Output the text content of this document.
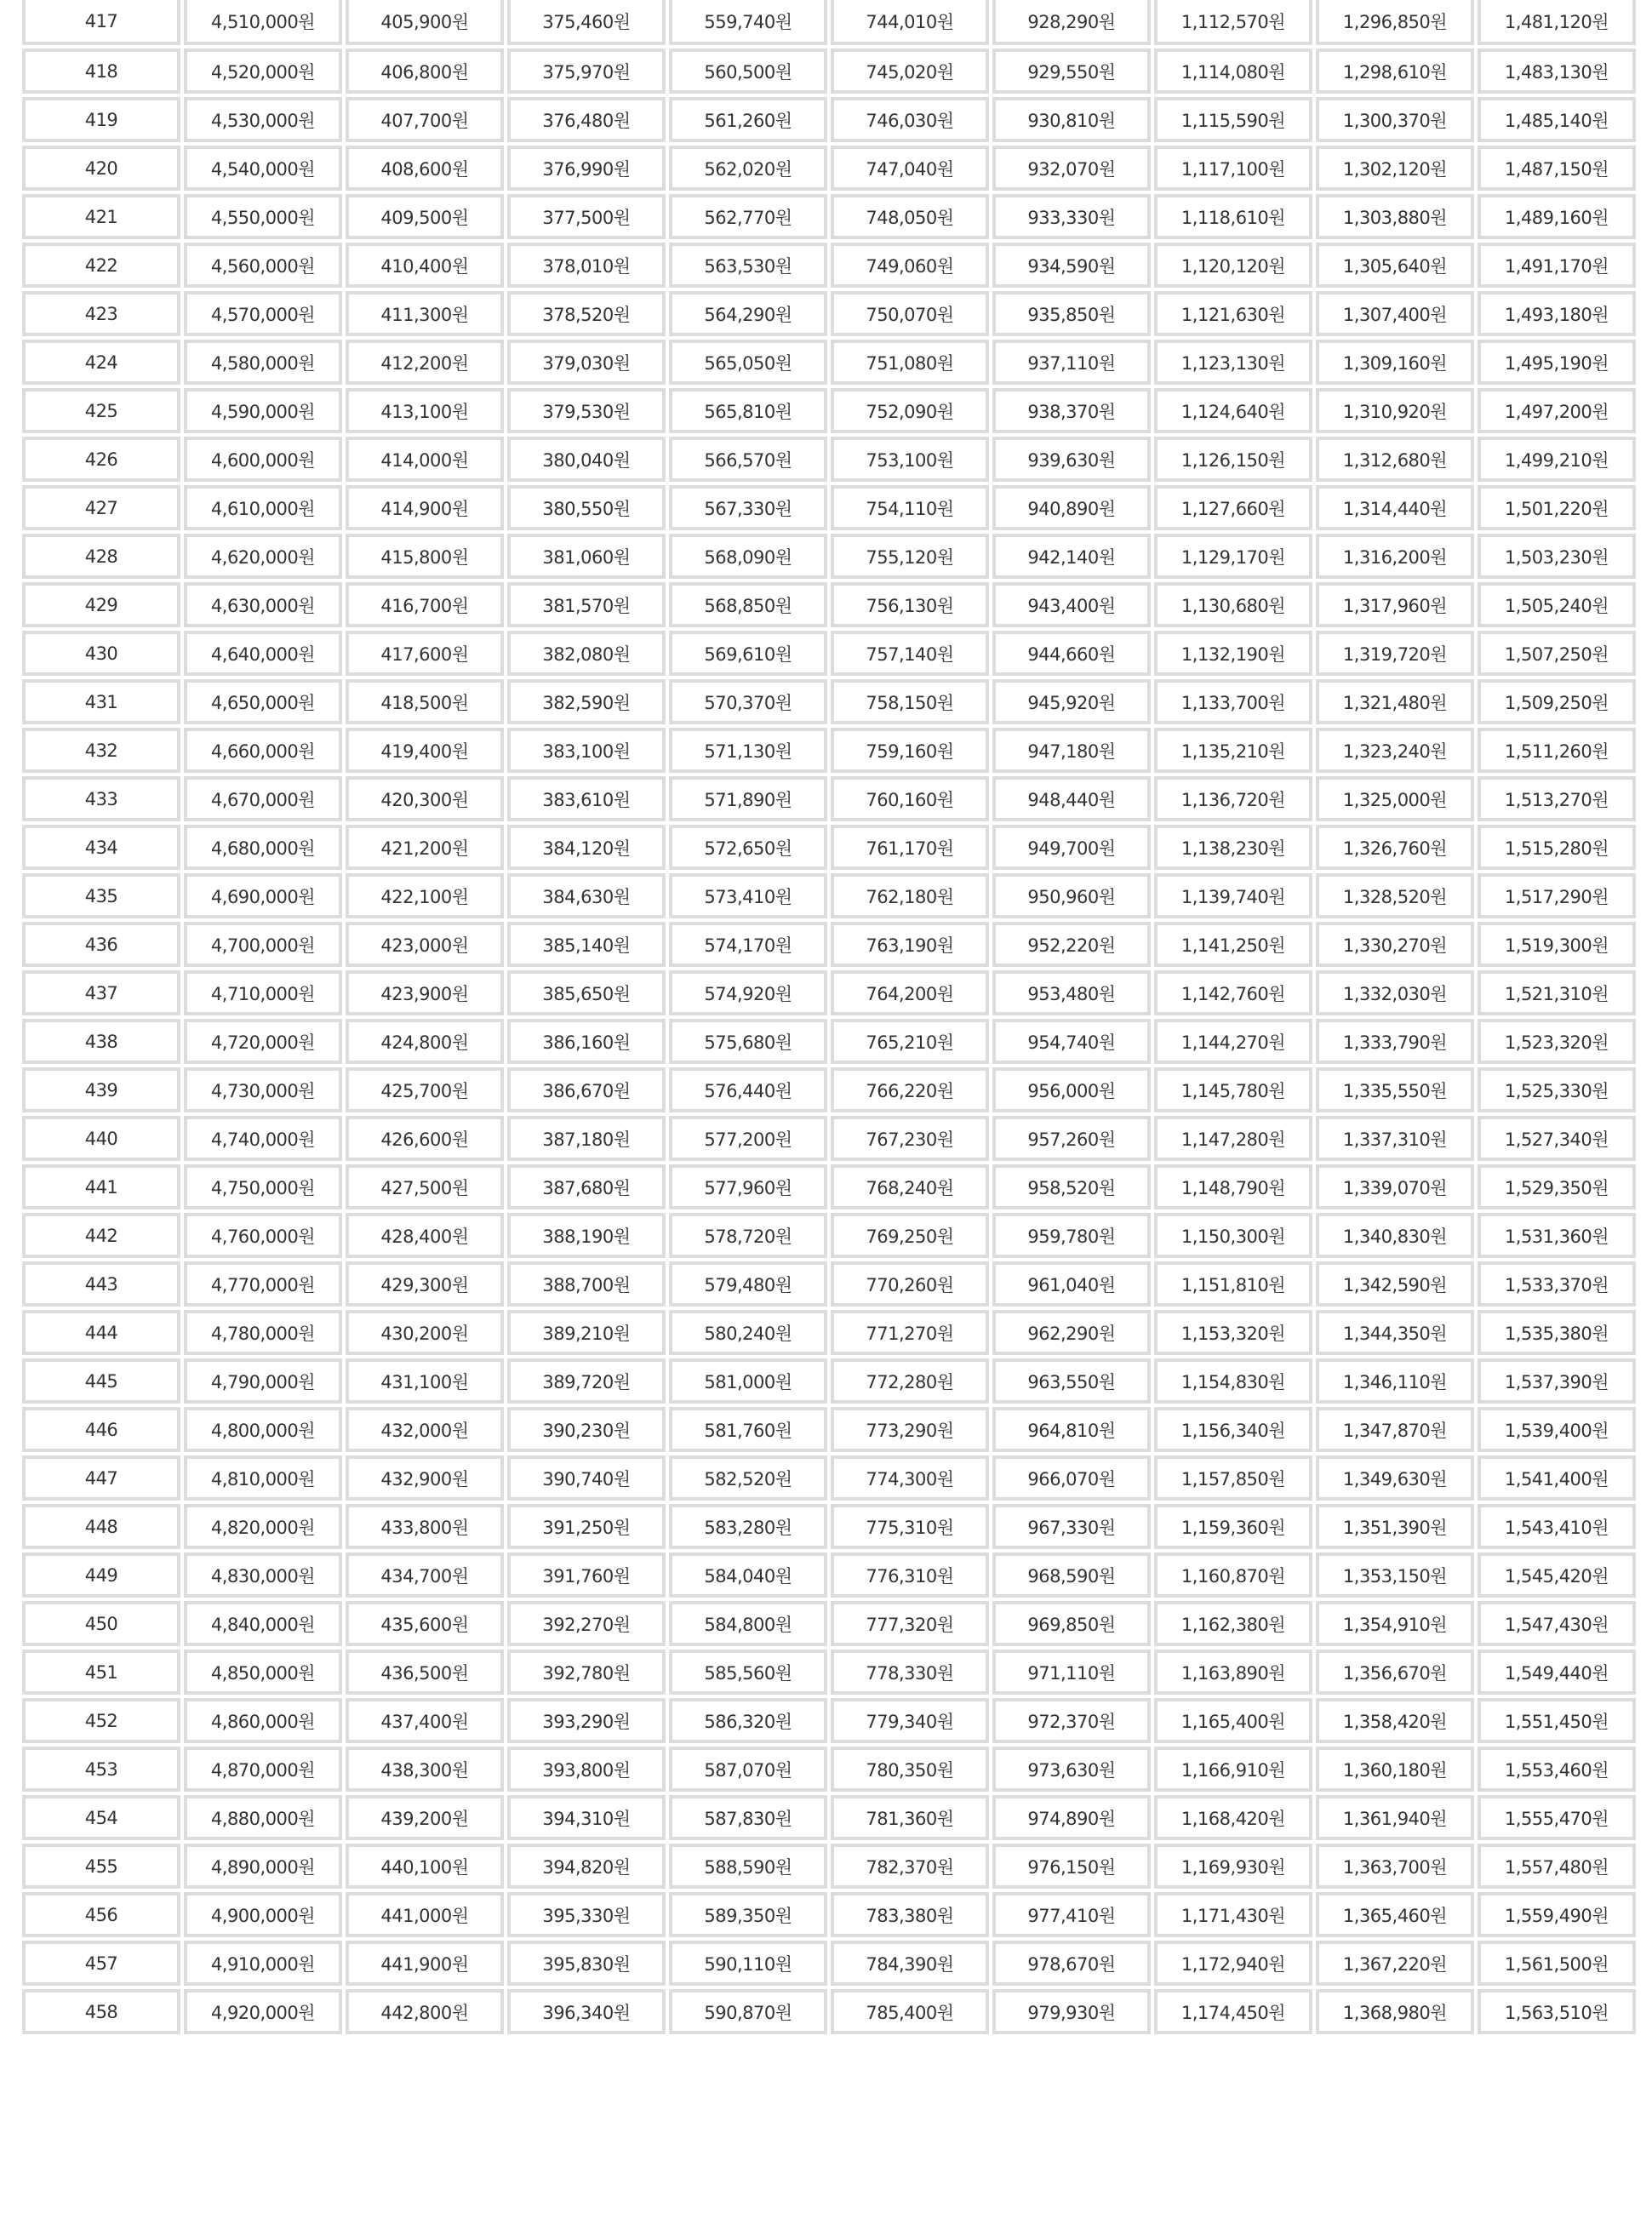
417	4,510,000원	405,900원	375,460원	559,740원	744,010원	928,290원	1,112,570원	1,296,850원	1,481,120원
418	4,520,000원	406,800원	375,970원	560,500원	745,020원	929,550원	1,114,080원	1,298,610원	1,483,130원
419	4,530,000원	407,700원	376,480원	561,260원	746,030원	930,810원	1,115,590원	1,300,370원	1,485,140원
420	4,540,000원	408,600원	376,990원	562,020원	747,040원	932,070원	1,117,100원	1,302,120원	1,487,150원
421	4,550,000원	409,500원	377,500원	562,770원	748,050원	933,330원	1,118,610원	1,303,880원	1,489,160원
422	4,560,000원	410,400원	378,010원	563,530원	749,060원	934,590원	1,120,120원	1,305,640원	1,491,170원
423	4,570,000원	411,300원	378,520원	564,290원	750,070원	935,850원	1,121,630원	1,307,400원	1,493,180원
424	4,580,000원	412,200원	379,030원	565,050원	751,080원	937,110원	1,123,130원	1,309,160원	1,495,190원
425	4,590,000원	413,100원	379,530원	565,810원	752,090원	938,370원	1,124,640원	1,310,920원	1,497,200원
426	4,600,000원	414,000원	380,040원	566,570원	753,100원	939,630원	1,126,150원	1,312,680원	1,499,210원
427	4,610,000원	414,900원	380,550원	567,330원	754,110원	940,890원	1,127,660원	1,314,440원	1,501,220원
428	4,620,000원	415,800원	381,060원	568,090원	755,120원	942,140원	1,129,170원	1,316,200원	1,503,230원
429	4,630,000원	416,700원	381,570원	568,850원	756,130원	943,400원	1,130,680원	1,317,960원	1,505,240원
430	4,640,000원	417,600원	382,080원	569,610원	757,140원	944,660원	1,132,190원	1,319,720원	1,507,250원
431	4,650,000원	418,500원	382,590원	570,370원	758,150원	945,920원	1,133,700원	1,321,480원	1,509,250원
432	4,660,000원	419,400원	383,100원	571,130원	759,160원	947,180원	1,135,210원	1,323,240원	1,511,260원
433	4,670,000원	420,300원	383,610원	571,890원	760,160원	948,440원	1,136,720원	1,325,000원	1,513,270원
434	4,680,000원	421,200원	384,120원	572,650원	761,170원	949,700원	1,138,230원	1,326,760원	1,515,280원
435	4,690,000원	422,100원	384,630원	573,410원	762,180원	950,960원	1,139,740원	1,328,520원	1,517,290원
436	4,700,000원	423,000원	385,140원	574,170원	763,190원	952,220원	1,141,250원	1,330,270원	1,519,300원
437	4,710,000원	423,900원	385,650원	574,920원	764,200원	953,480원	1,142,760원	1,332,030원	1,521,310원
438	4,720,000원	424,800원	386,160원	575,680원	765,210원	954,740원	1,144,270원	1,333,790원	1,523,320원
439	4,730,000원	425,700원	386,670원	576,440원	766,220원	956,000원	1,145,780원	1,335,550원	1,525,330원
440	4,740,000원	426,600원	387,180원	577,200원	767,230원	957,260원	1,147,280원	1,337,310원	1,527,340원
441	4,750,000원	427,500원	387,680원	577,960원	768,240원	958,520원	1,148,790원	1,339,070원	1,529,350원
442	4,760,000원	428,400원	388,190원	578,720원	769,250원	959,780원	1,150,300원	1,340,830원	1,531,360원
443	4,770,000원	429,300원	388,700원	579,480원	770,260원	961,040원	1,151,810원	1,342,590원	1,533,370원
444	4,780,000원	430,200원	389,210원	580,240원	771,270원	962,290원	1,153,320원	1,344,350원	1,535,380원
445	4,790,000원	431,100원	389,720원	581,000원	772,280원	963,550원	1,154,830원	1,346,110원	1,537,390원
446	4,800,000원	432,000원	390,230원	581,760원	773,290원	964,810원	1,156,340원	1,347,870원	1,539,400원
447	4,810,000원	432,900원	390,740원	582,520원	774,300원	966,070원	1,157,850원	1,349,630원	1,541,400원
448	4,820,000원	433,800원	391,250원	583,280원	775,310원	967,330원	1,159,360원	1,351,390원	1,543,410원
449	4,830,000원	434,700원	391,760원	584,040원	776,310원	968,590원	1,160,870원	1,353,150원	1,545,420원
450	4,840,000원	435,600원	392,270원	584,800원	777,320원	969,850원	1,162,380원	1,354,910원	1,547,430원
451	4,850,000원	436,500원	392,780원	585,560원	778,330원	971,110원	1,163,890원	1,356,670원	1,549,440원
452	4,860,000원	437,400원	393,290원	586,320원	779,340원	972,370원	1,165,400원	1,358,420원	1,551,450원
453	4,870,000원	438,300원	393,800원	587,070원	780,350원	973,630원	1,166,910원	1,360,180원	1,553,460원
454	4,880,000원	439,200원	394,310원	587,830원	781,360원	974,890원	1,168,420원	1,361,940원	1,555,470원
455	4,890,000원	440,100원	394,820원	588,590원	782,370원	976,150원	1,169,930원	1,363,700원	1,557,480원
456	4,900,000원	441,000원	395,330원	589,350원	783,380원	977,410원	1,171,430원	1,365,460원	1,559,490원
457	4,910,000원	441,900원	395,830원	590,110원	784,390원	978,670원	1,172,940원	1,367,220원	1,561,500원
458	4,920,000원	442,800원	396,340원	590,870원	785,400원	979,930원	1,174,450원	1,368,980원	1,563,510원
